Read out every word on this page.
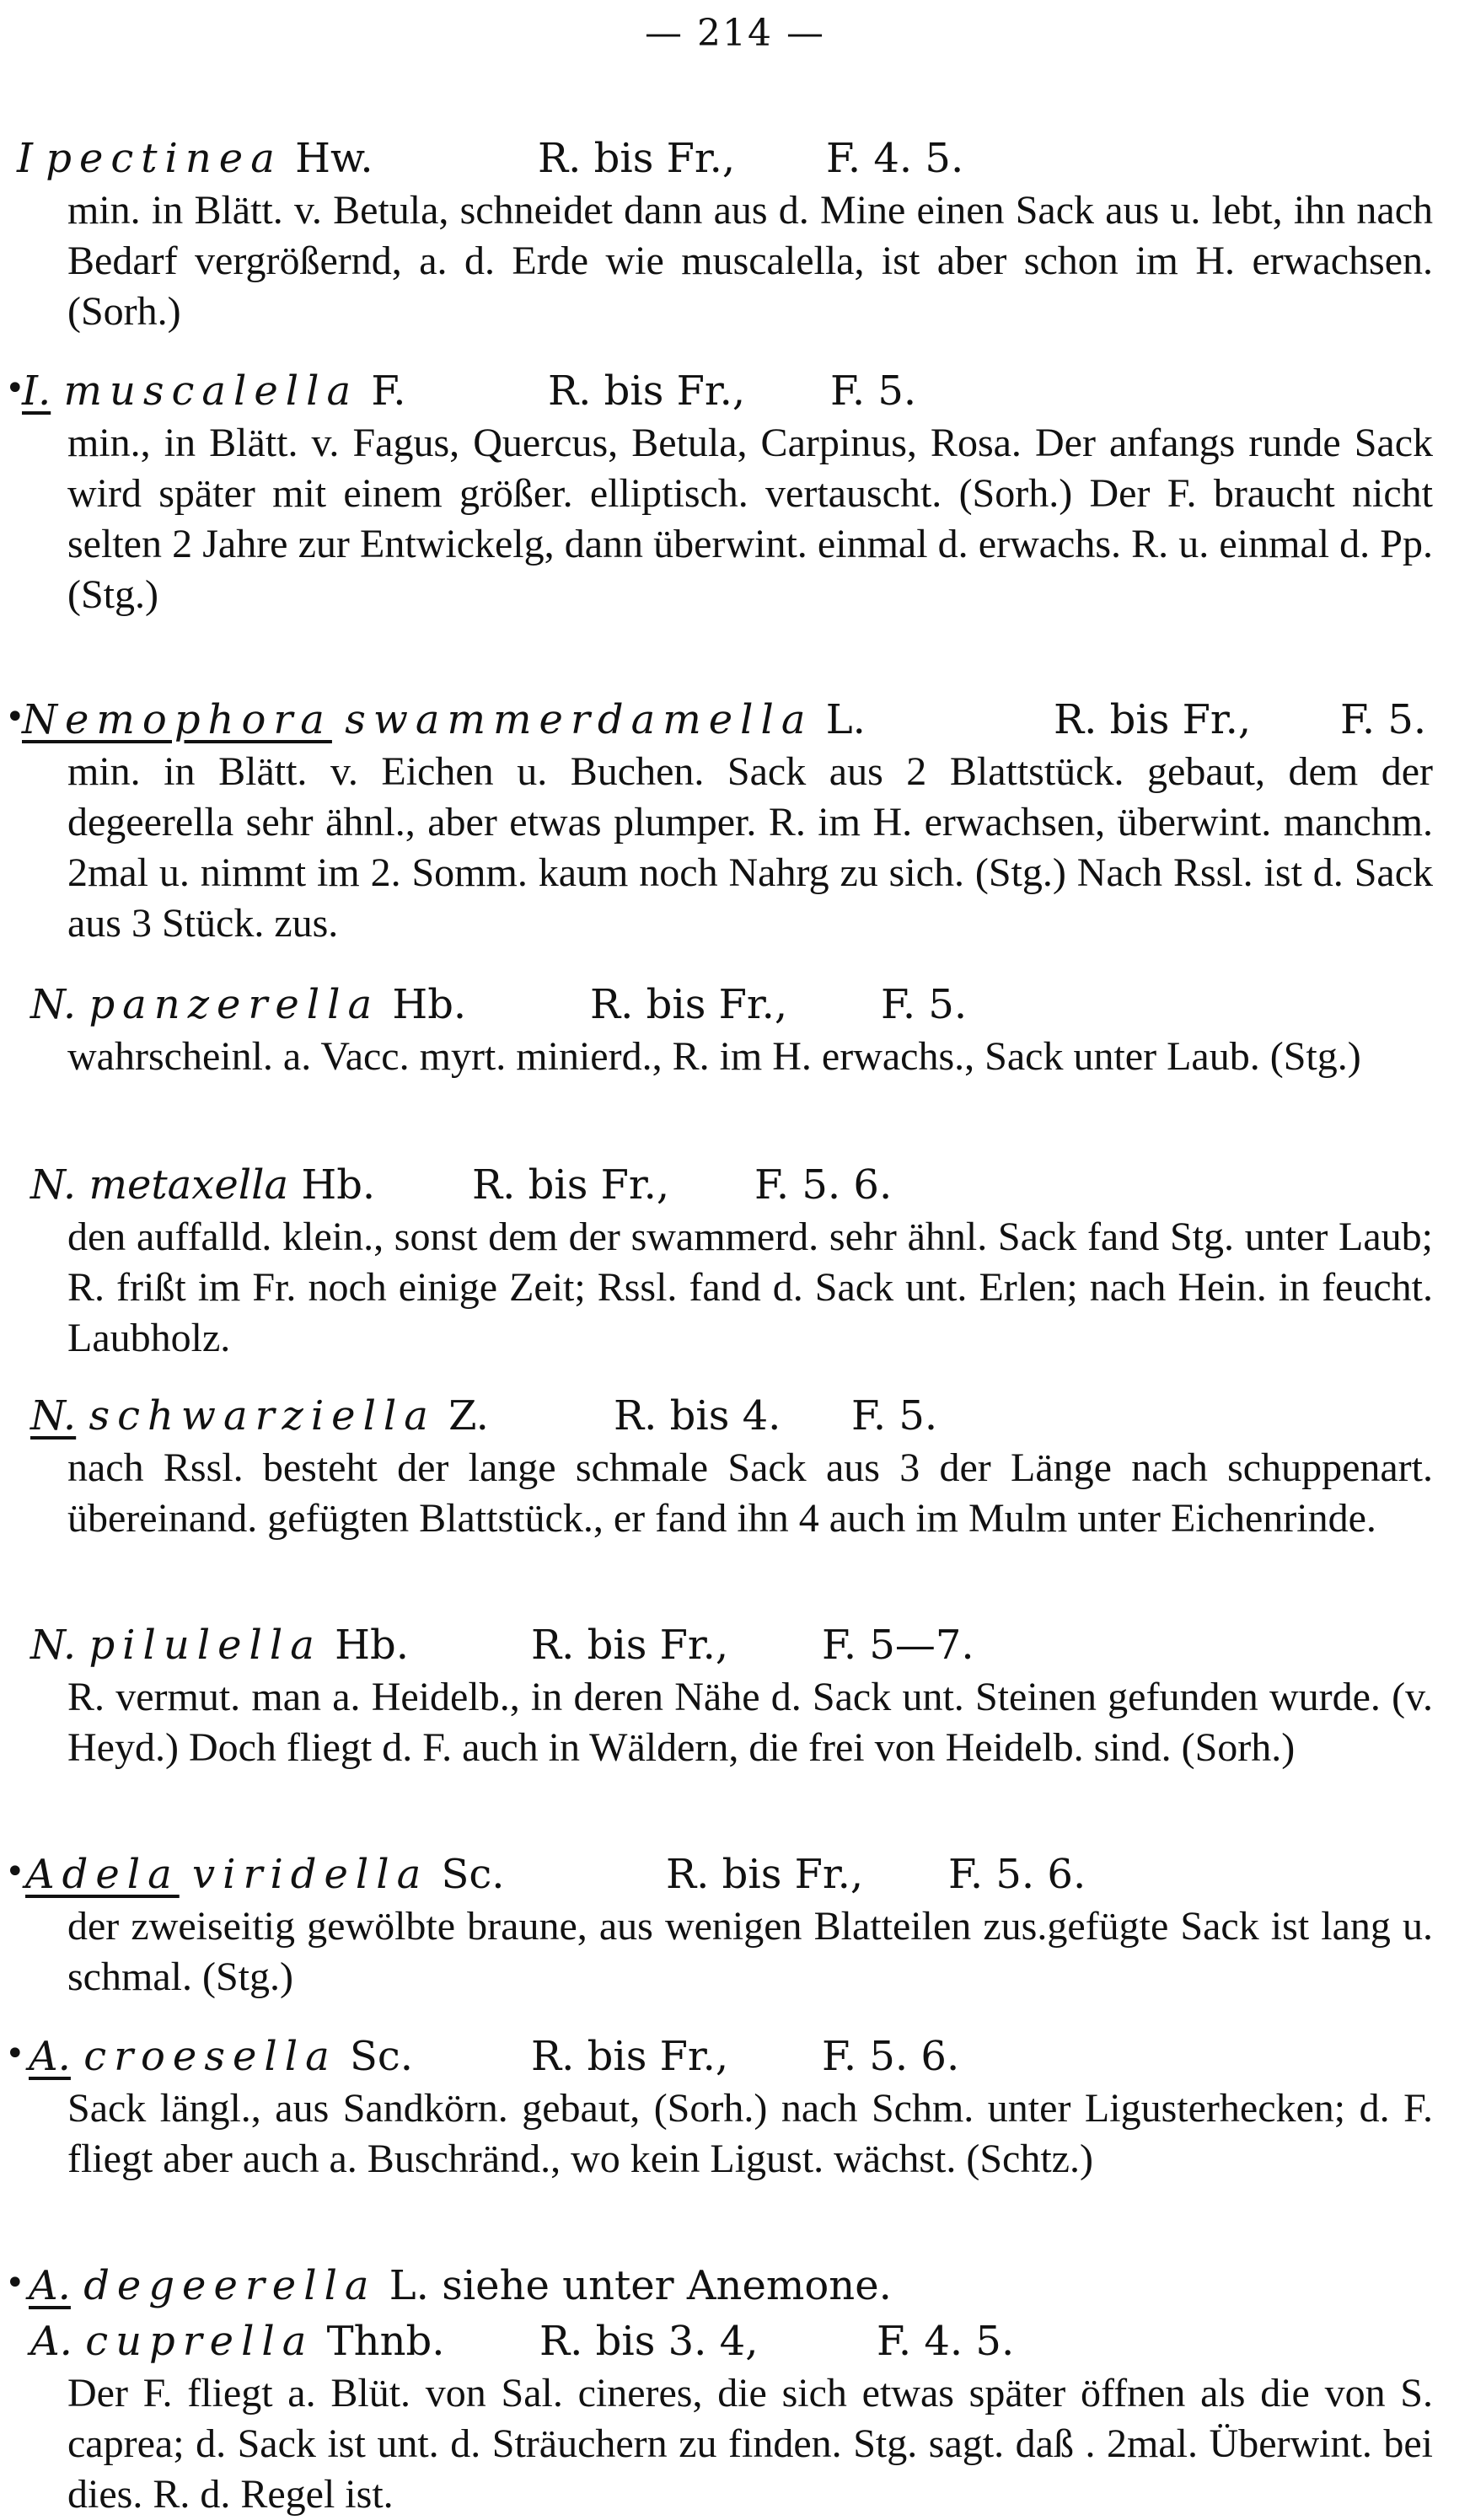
— 214 —
I pectinea Hw.	R. bis Fr., F. 4. 5.
min. in Blätt. v. Betula, schneidet dann aus d. Mine einen Sack aus u. lebt, ihn nach Bedarf vergrößernd, a. d. Erde wie muscalella, ist aber schon im H. erwachsen. (Sorh.)
•
I. muscalella F.	R. bis Fr., F. 5.
min., in Blätt. v. Fagus, Quercus, Betula, Carpinus, Rosa. Der anfangs runde Sack wird später mit einem größer. elliptisch. vertauscht. (Sorh.) Der F. braucht nicht selten 2 Jahre zur Entwickelg, dann überwint. einmal d. erwachs. R. u. einmal d. Pp. (Stg.)
•
Nemophora swammerdamella L.	R. bis Fr., F. 5.
min. in Blätt. v. Eichen u. Buchen. Sack aus 2 Blattstück. gebaut, dem der degeerella sehr ähnl., aber etwas plumper. R. im H. erwachsen, überwint. manchm. 2mal u. nimmt im 2. Somm. kaum noch Nahrg zu sich. (Stg.) Nach Rssl. ist d. Sack aus 3 Stück. zus.
N. panzerella Hb.	R. bis Fr., F. 5.
wahrscheinl. a. Vacc. myrt. minierd., R. im H. erwachs., Sack unter Laub. (Stg.)
N. metaxella Hb. R. bis Fr., F. 5. 6.
den auffalld. klein., sonst dem der swammerd. sehr ähnl. Sack fand Stg. unter Laub; R. frißt im Fr. noch einige Zeit; Rssl. fand d. Sack unt. Erlen; nach Hein. in feucht. Laubholz.
N. schwarziella Z.	R. bis 4. F. 5.
nach Rssl. besteht der lange schmale Sack aus 3 der Länge nach schuppenart. übereinand. gefügten Blattstück., er fand ihn 4 auch im Mulm unter Eichenrinde.
N. pilulella Hb.	R. bis Fr., F. 5—7.
R. vermut. man a. Heidelb., in deren Nähe d. Sack unt. Steinen gefunden wurde. (v. Heyd.) Doch fliegt d. F. auch in Wäldern, die frei von Heidelb. sind. (Sorh.)
• Adela viridella Sc.	R. bis Fr., F. 5. 6.
der zweiseitig gewölbte braune, aus wenigen Blatteilen zus.gefügte Sack ist lang u. schmal. (Stg.)
• A. croesella Sc.	R. bis Fr., F. 5. 6.
Sack längl., aus Sandkörn. gebaut, (Sorh.) nach Schm. unter Ligusterhecken; d. F. fliegt aber auch a. Buschränd., wo kein Ligust. wächst. (Schtz.)
• A. degeerella L. siehe unter Anemone.
A. cuprella Thnb. R. bis 3. 4,	F. 4. 5.
Der F. fliegt a. Blüt. von Sal. cineres, die sich etwas später öffnen als die von S. caprea; d. Sack ist unt. d. Sträuchern zu finden. Stg. sagt. daß . 2mal. Überwint. bei dies. R. d. Regel ist.
